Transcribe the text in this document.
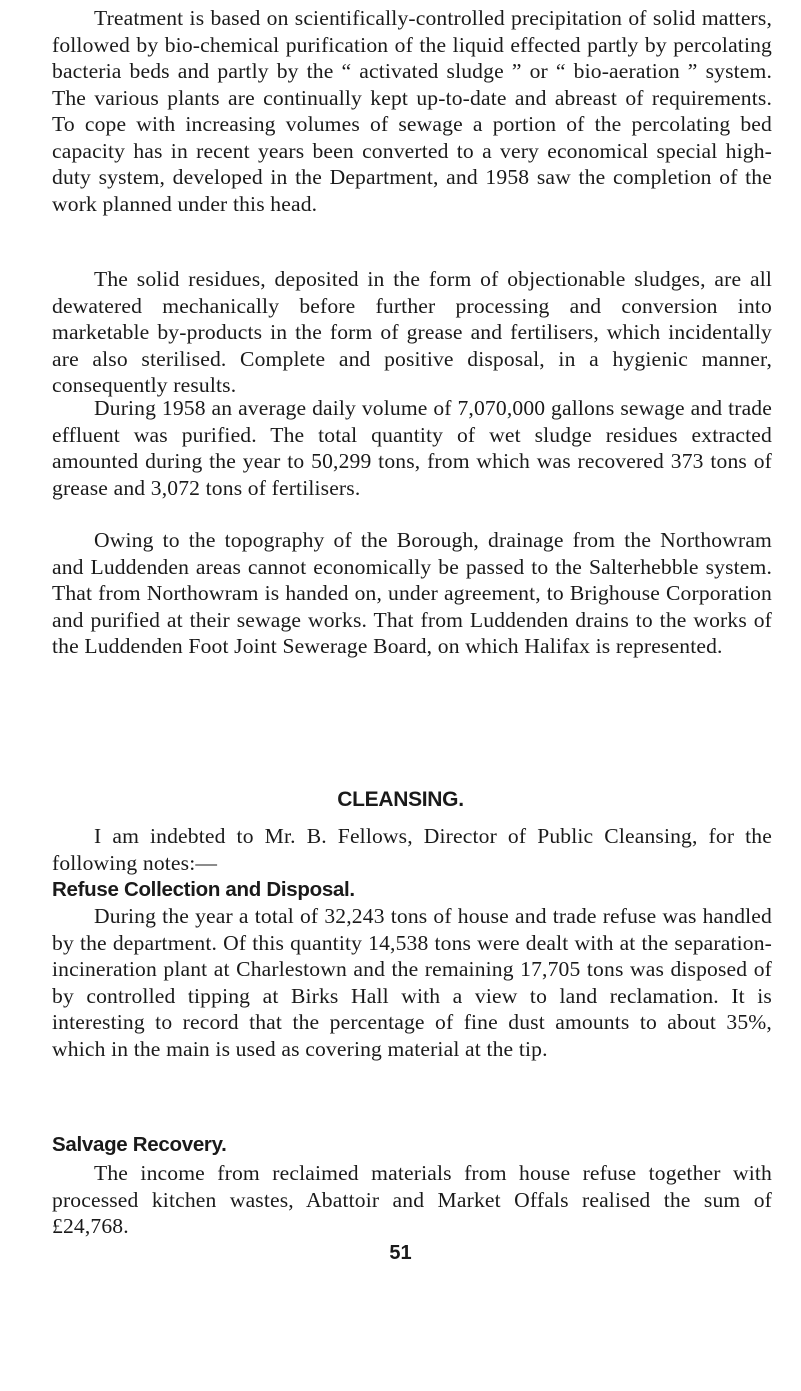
Treatment is based on scientifically-controlled precipitation of solid matters, followed by bio-chemical purification of the liquid effected partly by percolating bacteria beds and partly by the “ activated sludge ” or “ bio-aeration ” system. The various plants are continually kept up-to-date and abreast of requirements. To cope with increasing volumes of sewage a portion of the percolating bed capacity has in recent years been converted to a very economical special high-duty system, developed in the Department, and 1958 saw the completion of the work planned under this head.

The solid residues, deposited in the form of objectionable sludges, are all dewatered mechanically before further processing and conversion into marketable by-products in the form of grease and fertilisers, which incidentally are also sterilised. Complete and positive disposal, in a hygienic manner, consequently results.

During 1958 an average daily volume of 7,070,000 gallons sewage and trade effluent was purified. The total quantity of wet sludge residues extracted amounted during the year to 50,299 tons, from which was recovered 373 tons of grease and 3,072 tons of fertilisers.

Owing to the topography of the Borough, drainage from the Northowram and Luddenden areas cannot economically be passed to the Salterhebble system. That from Northowram is handed on, under agreement, to Brighouse Corporation and purified at their sewage works. That from Luddenden drains to the works of the Luddenden Foot Joint Sewerage Board, on which Halifax is represented.

CLEANSING.

I am indebted to Mr. B. Fellows, Director of Public Cleansing, for the following notes:—

Refuse Collection and Disposal.

During the year a total of 32,243 tons of house and trade refuse was handled by the department. Of this quantity 14,538 tons were dealt with at the separation-incineration plant at Charlestown and the remaining 17,705 tons was disposed of by controlled tipping at Birks Hall with a view to land reclamation. It is interesting to record that the percentage of fine dust amounts to about 35%, which in the main is used as covering material at the tip.

Salvage Recovery.

The income from reclaimed materials from house refuse together with processed kitchen wastes, Abattoir and Market Offals realised the sum of £24,768.

51
